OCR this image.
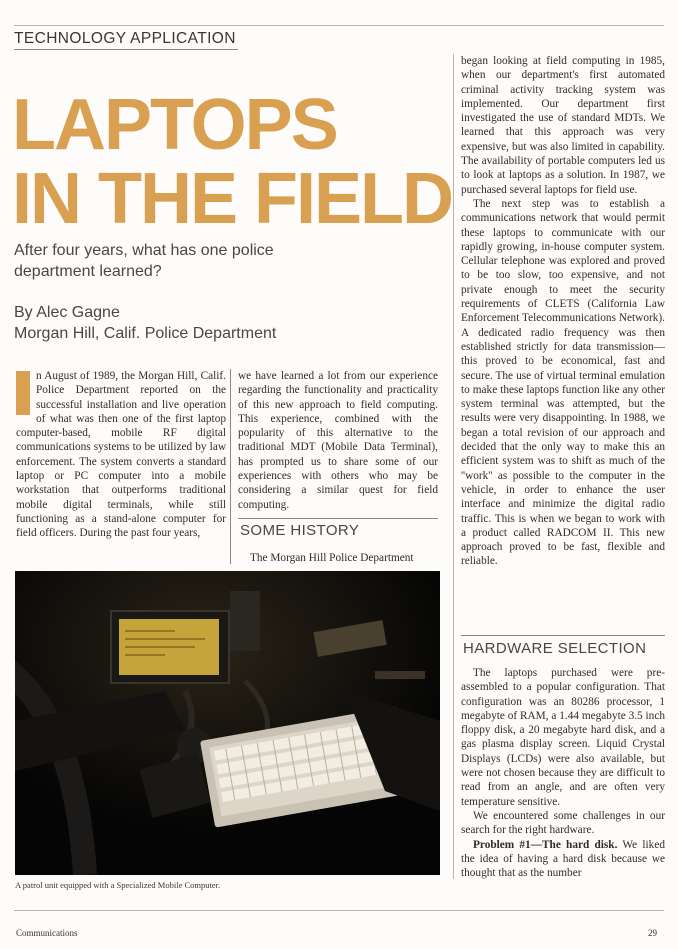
TECHNOLOGY APPLICATION
LAPTOPS
IN THE FIELD
After four years, what has one police department learned?
By Alec Gagne
Morgan Hill, Calif. Police Department

n August of 1989, the Morgan Hill, Calif. Police Department reported on the successful installation and live operation of what was then one of the first laptop computer-based, mobile RF digital communications systems to be utilized by law enforcement. The system converts a standard laptop or PC computer into a mobile workstation that outperforms traditional mobile digital terminals, while still functioning as a stand-alone computer for field officers. During the past four years,

we have learned a lot from our experience regarding the functionality and practicality of this new approach to field computing. This experience, combined with the popularity of this alternative to the traditional MDT (Mobile Data Terminal), has prompted us to share some of our experiences with others who may be considering a similar quest for field computing.

SOME HISTORY
The Morgan Hill Police Department

began looking at field computing in 1985, when our department's first automated criminal activity tracking system was implemented. Our department first investigated the use of standard MDTs. We learned that this approach was very expensive, but was also limited in capability. The availability of portable computers led us to look at laptops as a solution. In 1987, we purchased several laptops for field use.

The next step was to establish a communications network that would permit these laptops to communicate with our rapidly growing, in-house computer system. Cellular telephone was explored and proved to be too slow, too expensive, and not private enough to meet the security requirements of CLETS (California Law Enforcement Telecommunications Network). A dedicated radio frequency was then established strictly for data transmission—this proved to be economical, fast and secure. The use of virtual terminal emulation to make these laptops function like any other system terminal was attempted, but the results were very disappointing. In 1988, we began a total revision of our approach and decided that the only way to make this an efficient system was to shift as much of the ''work'' as possible to the computer in the vehicle, in order to enhance the user interface and minimize the digital radio traffic. This is when we began to work with a product called RADCOM II. This new approach proved to be fast, flexible and reliable.

HARDWARE SELECTION

The laptops purchased were pre-assembled to a popular configuration. That configuration was an 80286 processor, 1 megabyte of RAM, a 1.44 megabyte 3.5 inch floppy disk, a 20 megabyte hard disk, and a gas plasma display screen. Liquid Crystal Displays (LCDs) were also available, but were not chosen because they are difficult to read from an angle, and are often very temperature sensitive.

We encountered some challenges in our search for the right hardware.

Problem #1—The hard disk. We liked the idea of having a hard disk because we thought that as the number

A patrol unit equipped with a Specialized Mobile Computer.
Communications	29
